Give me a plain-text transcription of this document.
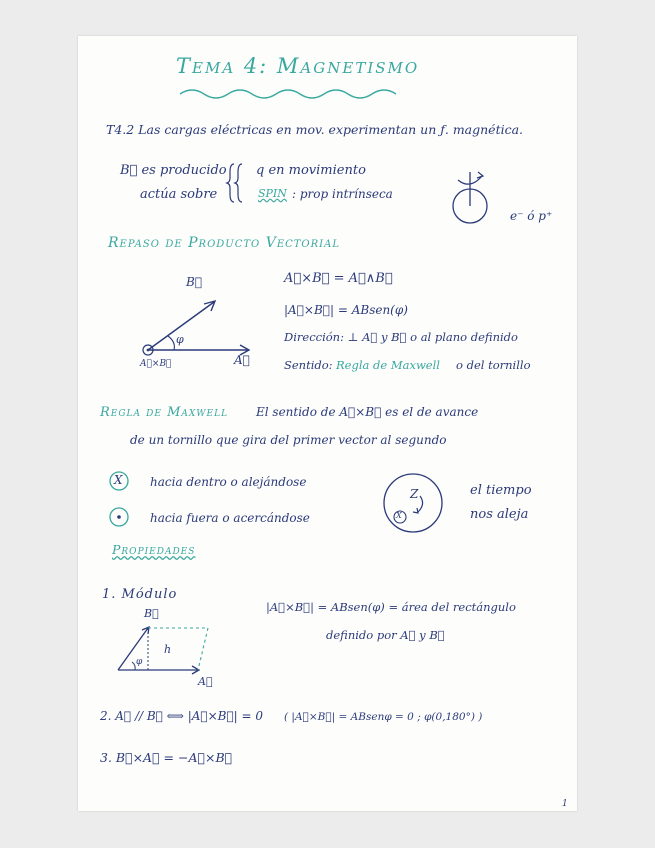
Tema 4: Magnetismo
T4.2 Las cargas eléctricas en mov. experimentan un ƒ. magnética.
B⃗ es producido
actúa sobre
q en movimiento
SPIN : prop intrínseca
e⁻ ó p⁺
Repaso de Producto Vectorial
B⃗
φ
A⃗
A⃗×B⃗
A⃗×B⃗ = A⃗∧B⃗
|A⃗×B⃗| = ABsen(φ)
Dirección: ⊥ A⃗ y B⃗ o al plano definido
Sentido: Regla de Maxwell o del tornillo
Regla de Maxwell El sentido de A⃗×B⃗ es el de avance
de un tornillo que gira del primer vector al segundo
X hacia dentro o alejándose
hacia fuera o acercándose
Z
X
el tiempo
nos aleja
Propiedades
1. Módulo
|A⃗×B⃗| = ABsen(φ) = área del rectángulo
definido por A⃗ y B⃗
B⃗
h
φ
A⃗
2. A⃗ // B⃗ ⟺ |A⃗×B⃗| = 0 ( |A⃗×B⃗| = ABsenφ = 0 ; φ(0,180°) )
3. B⃗×A⃗ = −A⃗×B⃗
1
